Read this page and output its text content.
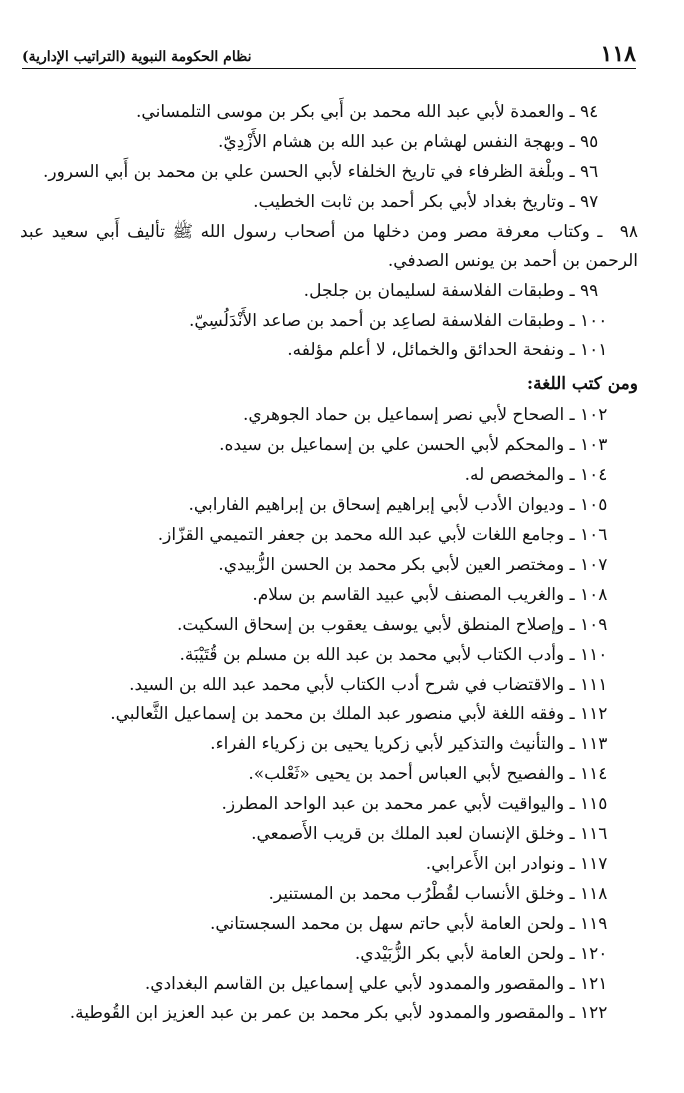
١١٨
نظام الحكومة النبوية (التراتيب الإدارية)
٩٤ ـ والعمدة لأبي عبد الله محمد بن أَبي بكر بن موسى التلمساني.
٩٥ ـ وبهجة النفس لهشام بن عبد الله بن هشام الأَزْدِيّ.
٩٦ ـ وبلْغة الظرفاء في تاريخ الخلفاء لأبي الحسن علي بن محمد بن أَبي السرور.
٩٧ ـ وتاريخ بغداد لأبي بكر أحمد بن ثابت الخطيب.
٩٨ ـ وكتاب معرفة مصر ومن دخلها من أصحاب رسول الله ﷺ تأليف أَبي سعيد عبد الرحمن بن أحمد بن يونس الصدفي.
٩٩ ـ وطبقات الفلاسفة لسليمان بن جلجل.
١٠٠ ـ وطبقات الفلاسفة لصاعِد بن أحمد بن صاعد الأَنْدَلُسِيّ.
١٠١ ـ ونفحة الحدائق والخمائل، لا أعلم مؤلفه.
ومن كتب اللغة:
١٠٢ ـ الصحاح لأبي نصر إسماعيل بن حماد الجوهري.
١٠٣ ـ والمحكم لأبي الحسن علي بن إسماعيل بن سيده.
١٠٤ ـ والمخصص له.
١٠٥ ـ وديوان الأدب لأبي إبراهيم إسحاق بن إبراهيم الفارابي.
١٠٦ ـ وجامع اللغات لأبي عبد الله محمد بن جعفر التميمي القزّاز.
١٠٧ ـ ومختصر العين لأبي بكر محمد بن الحسن الزُّبيدي.
١٠٨ ـ والغريب المصنف لأبي عبيد القاسم بن سلام.
١٠٩ ـ وإصلاح المنطق لأبي يوسف يعقوب بن إسحاق السكيت.
١١٠ ـ وأدب الكتاب لأبي محمد بن عبد الله بن مسلم بن قُتَيْبَة.
١١١ ـ والاقتضاب في شرح أدب الكتاب لأبي محمد عبد الله بن السيد.
١١٢ ـ وفقه اللغة لأبي منصور عبد الملك بن محمد بن إسماعيل الثَّعالبي.
١١٣ ـ والتأنيث والتذكير لأبي زكريا يحيى بن زكرياء الفراء.
١١٤ ـ والفصيح لأبي العباس أحمد بن يحيى «ثَعْلب».
١١٥ ـ واليواقيت لأبي عمر محمد بن عبد الواحد المطرز.
١١٦ ـ وخلق الإنسان لعبد الملك بن قريب الأَصمعي.
١١٧ ـ ونوادر ابن الأَعرابي.
١١٨ ـ وخلق الأنساب لقُطْرُب محمد بن المستنير.
١١٩ ـ ولحن العامة لأبي حاتم سهل بن محمد السجستاني.
١٢٠ ـ ولحن العامة لأبي بكر الزُّبَيْدي.
١٢١ ـ والمقصور والممدود لأبي علي إسماعيل بن القاسم البغدادي.
١٢٢ ـ والمقصور والممدود لأبي بكر محمد بن عمر بن عبد العزيز ابن القُوطية.
